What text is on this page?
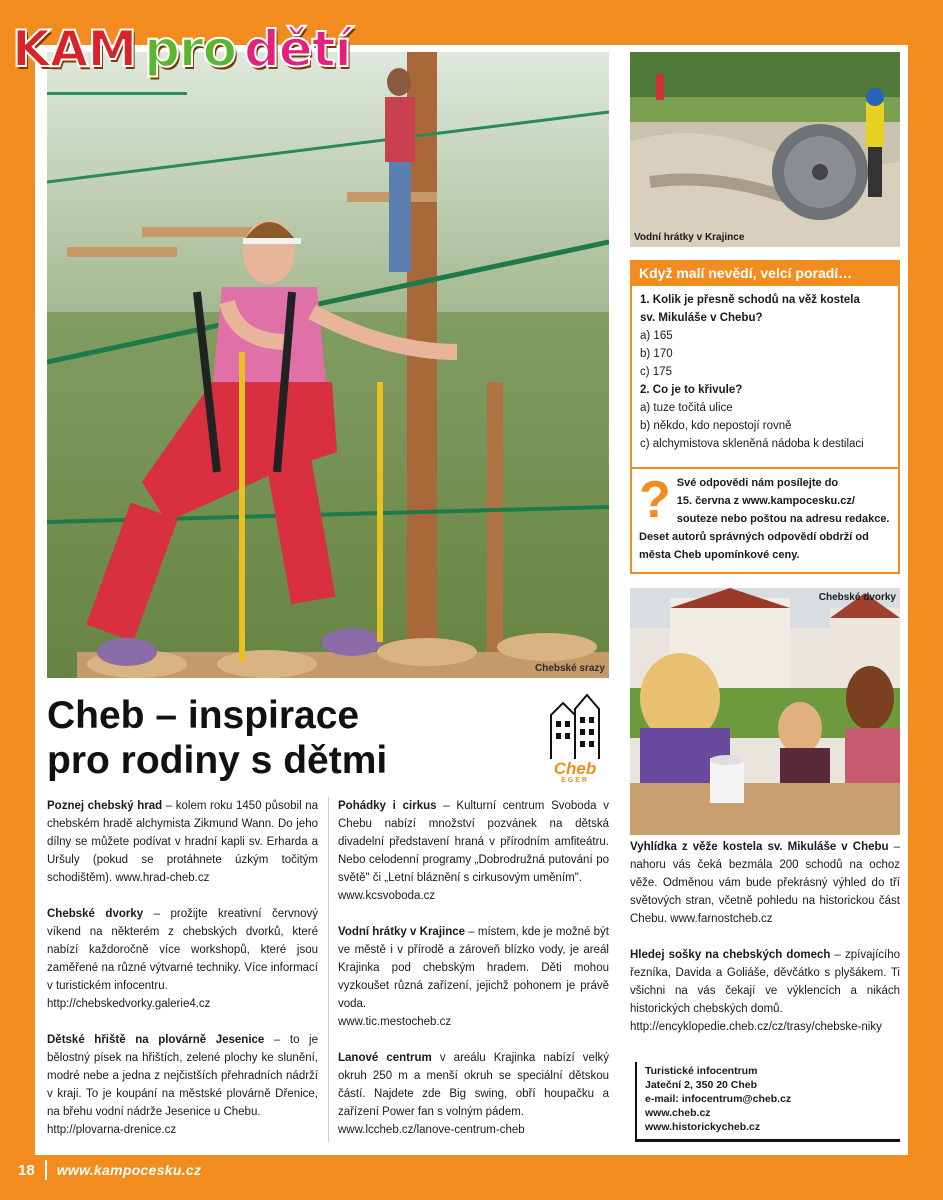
KAM pro dětí
Chebské srazy
Vodní hrátky v Krajince
Když malí nevědí, velcí poradí…
1. Kolik je přesně schodů na věž kostela
sv. Mikuláše v Chebu?
a) 165
b) 170
c) 175
2. Co je to křivule?
a) tuze točitá ulice
b) někdo, kdo nepostojí rovně
c) alchymistova skleněná nádoba k destilaci
? Své odpovědi nám posílejte do
15. června z www.kampocesku.cz/
souteze nebo poštou na adresu redakce.
Deset autorů správných odpovědí obdrží od
města Cheb upomínkové ceny.
Chebské dvorky
Cheb – inspirace
pro rodiny s dětmi	Cheb
EGER

Poznej chebský hrad – kolem roku 1450 působil na chebském hradě alchymista Zikmund Wann. Do jeho dílny se můžete podívat v hradní kapli sv. Erharda a Uršuly (pokud se protáhnete úzkým točitým schodištěm). www.hrad-cheb.cz

Chebské dvorky – prožijte kreativní červnový víkend na některém z chebských dvorků, které nabízí každoročně více workshopů, které jsou zaměřené na různé výtvarné techniky. Více informací v turistickém infocentru.
http://chebskedvorky.galerie4.cz

Dětské hřiště na plovárně Jesenice – to je bělostný písek na hřištích, zelené plochy ke slunění, modré nebe a jedna z nejčistších přehradních nádrží v kraji. To je koupání na městské plovárně Dřenice, na břehu vodní nádrže Jesenice u Chebu.
http://plovarna-drenice.cz

Pohádky i cirkus – Kulturní centrum Svoboda v Chebu nabízí množství pozvánek na dětská divadelní představení hraná v přírodním amfiteátru. Nebo celodenní programy „Dobrodružná putování po světě" či „Letní bláznění s cirkusovým uměním".
www.kcsvoboda.cz

Vodní hrátky v Krajince – místem, kde je možné být ve městě i v přírodě a zároveň blízko vody, je areál Krajinka pod chebským hradem. Děti mohou vyzkoušet různá zařízení, jejichž pohonem je právě voda.
www.tic.mestocheb.cz

Lanové centrum v areálu Krajinka nabízí velký okruh 250 m a menší okruh se speciální dětskou částí. Najdete zde Big swing, obří houpačku a zařízení Power fan s volným pádem.
www.lccheb.cz/lanove-centrum-cheb

Vyhlídka z věže kostela sv. Mikuláše v Chebu – nahoru vás čeká bezmála 200 schodů na ochoz věže. Odměnou vám bude překrásný výhled do tří světových stran, včetně pohledu na historickou část Chebu. www.farnostcheb.cz

Hledej sošky na chebských domech – zpívajícího řezníka, Davida a Goliáše, děvčátko s plyšákem. Ti všichni na vás čekají ve výklencích a nikách historických chebských domů.
http://encyklopedie.cheb.cz/cz/trasy/chebske-niky

Turistické infocentrum
Jateční 2, 350 20 Cheb
e-mail: infocentrum@cheb.cz
www.cheb.cz
www.historickycheb.cz
18 www.kampocesku.cz
